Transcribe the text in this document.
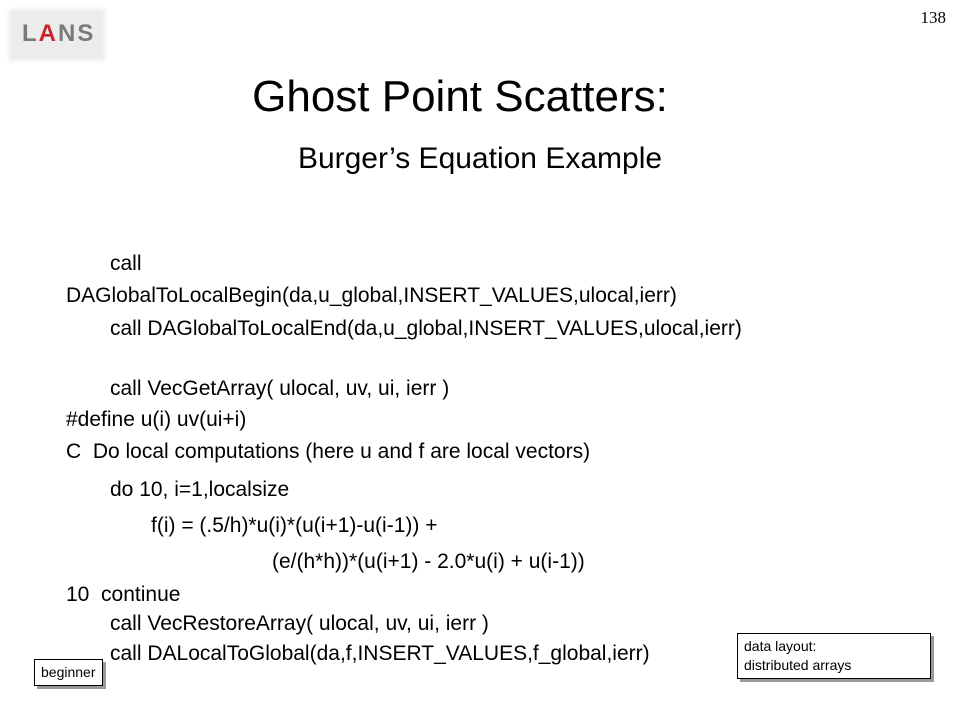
LANS
138
Ghost Point Scatters:
Burger’s Equation Example
call
DAGlobalToLocalBegin(da,u_global,INSERT_VALUES,ulocal,ierr)
call DAGlobalToLocalEnd(da,u_global,INSERT_VALUES,ulocal,ierr)
call VecGetArray( ulocal, uv, ui, ierr )
#define u(i) uv(ui+i)
C  Do local computations (here u and f are local vectors)
do 10, i=1,localsize
f(i) = (.5/h)*u(i)*(u(i+1)-u(i-1)) +
(e/(h*h))*(u(i+1) - 2.0*u(i) + u(i-1))
10  continue
call VecRestoreArray( ulocal, uv, ui, ierr )
call DALocalToGlobal(da,f,INSERT_VALUES,f_global,ierr)
beginner
data layout:
distributed arrays
